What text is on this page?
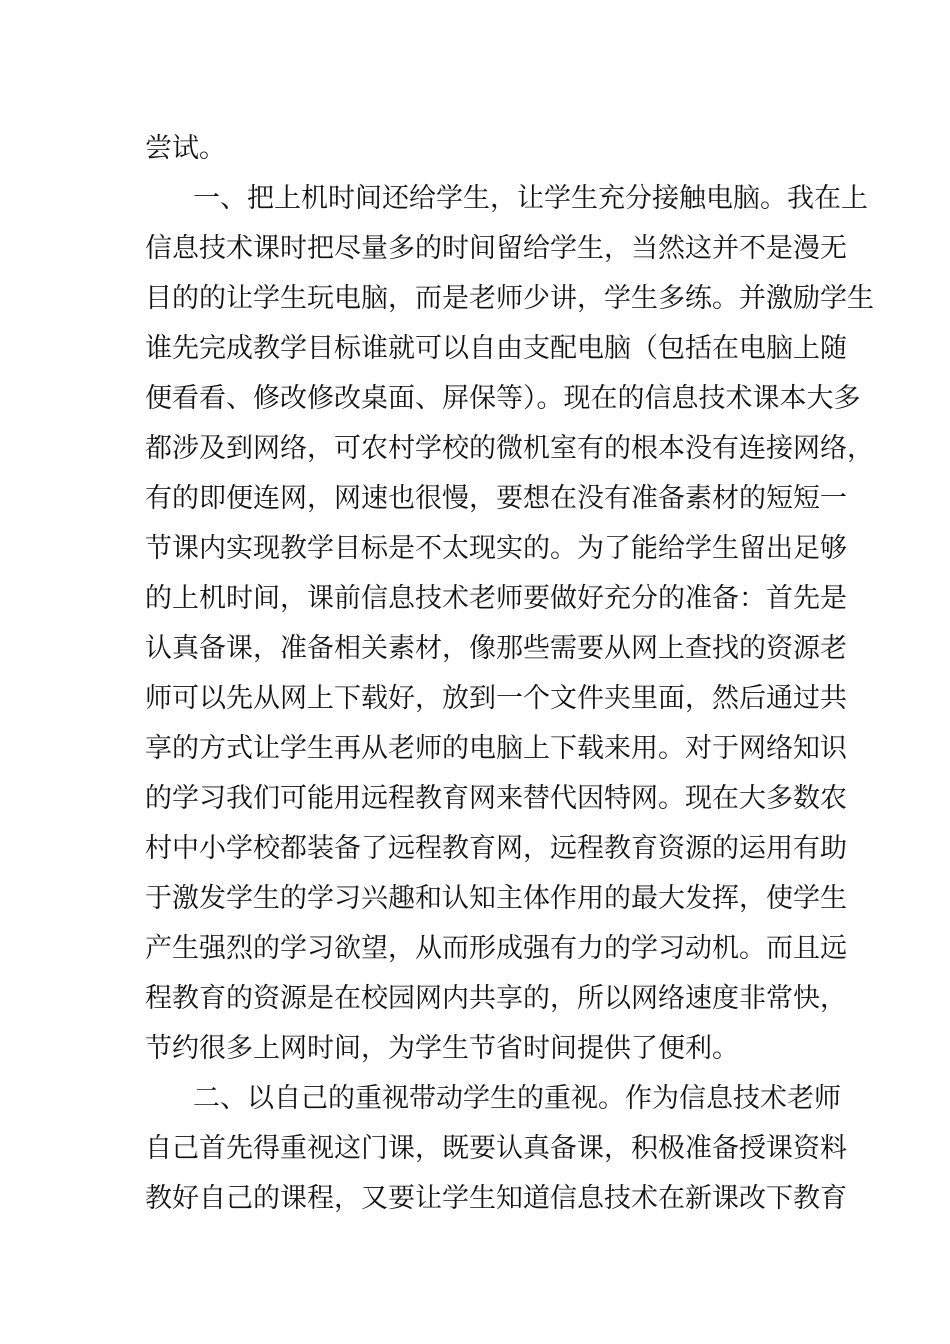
尝试。
一、把上机时间还给学生，让学生充分接触电脑。我在上
信息技术课时把尽量多的时间留给学生，当然这并不是漫无
目的的让学生玩电脑，而是老师少讲，学生多练。并激励学生
谁先完成教学目标谁就可以自由支配电脑（包括在电脑上随
便看看、修改修改桌面、屏保等）。现在的信息技术课本大多
都涉及到网络，可农村学校的微机室有的根本没有连接网络，
有的即便连网，网速也很慢，要想在没有准备素材的短短一
节课内实现教学目标是不太现实的。为了能给学生留出足够
的上机时间，课前信息技术老师要做好充分的准备：首先是
认真备课，准备相关素材，像那些需要从网上查找的资源老
师可以先从网上下载好，放到一个文件夹里面，然后通过共
享的方式让学生再从老师的电脑上下载来用。对于网络知识
的学习我们可能用远程教育网来替代因特网。现在大多数农
村中小学校都装备了远程教育网，远程教育资源的运用有助
于激发学生的学习兴趣和认知主体作用的最大发挥，使学生
产生强烈的学习欲望，从而形成强有力的学习动机。而且远
程教育的资源是在校园网内共享的，所以网络速度非常快，
节约很多上网时间，为学生节省时间提供了便利。
二、以自己的重视带动学生的重视。作为信息技术老师
自己首先得重视这门课，既要认真备课，积极准备授课资料
教好自己的课程，又要让学生知道信息技术在新课改下教育
